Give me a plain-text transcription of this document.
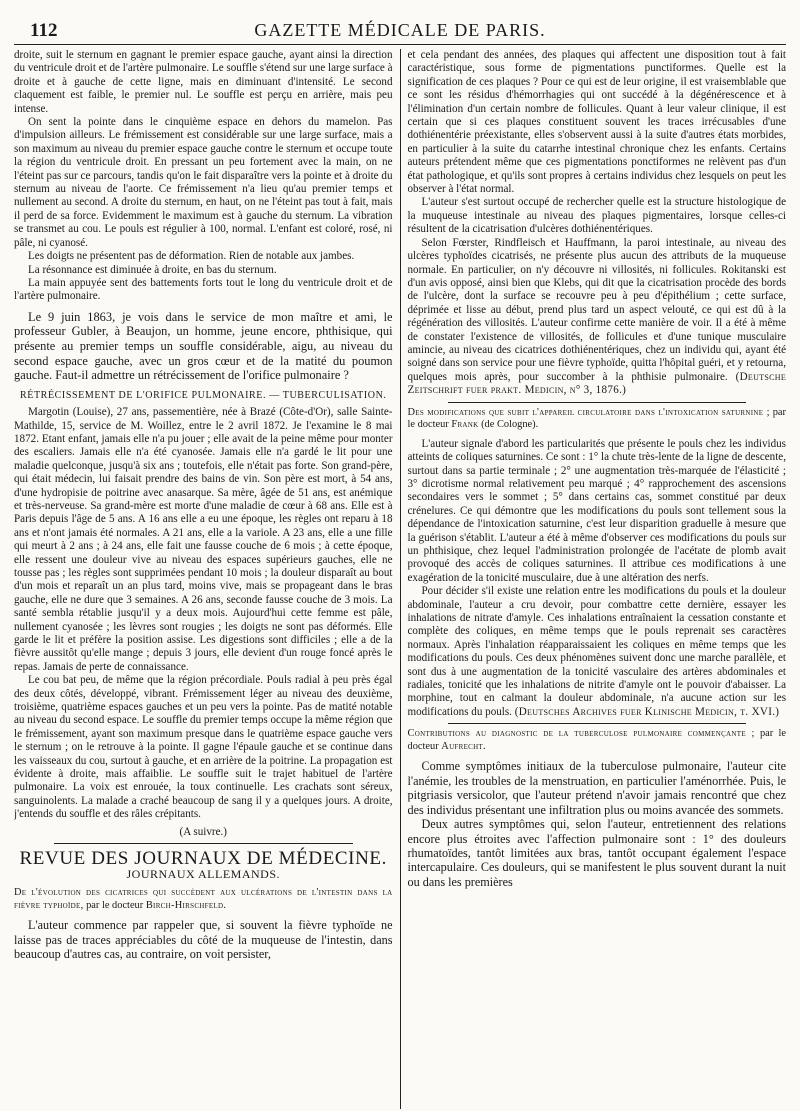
112	GAZETTE MÉDICALE DE PARIS.

droite, suit le sternum en gagnant le premier espace gauche, ayant ainsi la direction du ventricule droit et de l'artère pulmonaire. Le souffle s'étend sur une large surface à droite et à gauche de cette ligne, mais en diminuant d'intensité. Le second claquement est faible, le premier nul. Le souffle est perçu en arrière, mais peu intense.

On sent la pointe dans le cinquième espace en dehors du mamelon. Pas d'impulsion ailleurs. Le frémissement est considérable sur une large surface, mais a son maximum au niveau du premier espace gauche contre le sternum et occupe toute la région du ventricule droit. En pressant un peu fortement avec la main, on ne l'éteint pas sur ce parcours, tandis qu'on le fait disparaître vers la pointe et à droite du sternum au niveau de l'aorte. Ce frémissement n'a lieu qu'au premier temps et nullement au second. A droite du sternum, en haut, on ne l'éteint pas tout à fait, mais il perd de sa force. Evidemment le maximum est à gauche du sternum. La vibration se transmet au cou. Le pouls est régulier à 100, normal. L'enfant est coloré, rosé, ni pâle, ni cyanosé.

Les doigts ne présentent pas de déformation. Rien de notable aux jambes.

La résonnance est diminuée à droite, en bas du sternum.

La main appuyée sent des battements forts tout le long du ventricule droit et de l'artère pulmonaire.

Le 9 juin 1863, je vois dans le service de mon maître et ami, le professeur Gubler, à Beaujon, un homme, jeune encore, phthisique, qui présente au premier temps un souffle considérable, aigu, au niveau du second espace gauche, avec un gros cœur et de la matité du poumon gauche. Faut-il admettre un rétrécissement de l'orifice pulmonaire ?

RÉTRÉCISSEMENT DE L'ORIFICE PULMONAIRE. — TUBERCULISATION.

Margotin (Louise), 27 ans, passementière, née à Brazé (Côte-d'Or), salle Sainte-Mathilde, 15, service de M. Woillez, entre le 2 avril 1872. Je l'examine le 8 mai 1872. Etant enfant, jamais elle n'a pu jouer ; elle avait de la peine même pour monter des escaliers. Jamais elle n'a été cyanosée. Jamais elle n'a gardé le lit pour une maladie quelconque, jusqu'à six ans ; toutefois, elle n'était pas forte. Son grand-père, qui était médecin, lui faisait prendre des bains de vin. Son père est mort, à 54 ans, d'une hydropisie de poitrine avec anasarque. Sa mère, âgée de 51 ans, est anémique et très-nerveuse. Sa grand-mère est morte d'une maladie de cœur à 68 ans. Elle est à Paris depuis l'âge de 5 ans. A 16 ans elle a eu une époque, les règles ont reparu à 18 ans et n'ont jamais été normales. A 21 ans, elle a la variole. A 23 ans, elle a une fille qui meurt à 2 ans ; à 24 ans, elle fait une fausse couche de 6 mois ; à cette époque, elle ressent une douleur vive au niveau des espaces supérieurs gauches, elle ne tousse pas ; les règles sont supprimées pendant 10 mois ; la douleur disparaît au bout d'un mois et reparaît un an plus tard, moins vive, mais se propageant dans le bras gauche, elle ne dure que 3 semaines. A 26 ans, seconde fausse couche de 3 mois. La santé sembla rétablie jusqu'il y a deux mois. Aujourd'hui cette femme est pâle, nullement cyanosée ; les lèvres sont rougies ; les doigts ne sont pas déformés. Elle garde le lit et préfère la position assise. Les digestions sont difficiles ; elle a de la fièvre aussitôt qu'elle mange ; depuis 3 jours, elle devient d'un rouge foncé après le repas. Jamais de perte de connaissance.

Le cou bat peu, de même que la région précordiale. Pouls radial à peu près égal des deux côtés, développé, vibrant. Frémissement léger au niveau des deuxième, troisième, quatrième espaces gauches et un peu vers la pointe. Pas de matité notable au niveau du second espace. Le souffle du premier temps occupe la même région que le frémissement, ayant son maximum presque dans le quatrième espace gauche vers le sternum ; on le retrouve à la pointe. Il gagne l'épaule gauche et se continue dans les vaisseaux du cou, surtout à gauche, et en arrière de la poitrine. La propagation est évidente à droite, mais affaiblie. Le souffle suit le trajet habituel de l'artère pulmonaire. La voix est enrouée, la toux continuelle. Les crachats sont séreux, sanguinolents. La malade a craché beaucoup de sang il y a quelques jours. A droite, j'entends du souffle et des râles crépitants.

(A suivre.)
REVUE DES JOURNAUX DE MÉDECINE.
JOURNAUX ALLEMANDS.

De l'évolution des cicatrices qui succèdent aux ulcérations de l'intestin dans la fièvre typhoïde, par le docteur Birch-Hirschfeld.

L'auteur commence par rappeler que, si souvent la fièvre typhoïde ne laisse pas de traces appréciables du côté de la muqueuse de l'intestin, dans beaucoup d'autres cas, au contraire, on voit persister,

et cela pendant des années, des plaques qui affectent une disposition tout à fait caractéristique, sous forme de pigmentations punctiformes. Quelle est la signification de ces plaques ? Pour ce qui est de leur origine, il est vraisemblable que ce sont les résidus d'hémorrhagies qui ont succédé à la dégénérescence et à l'élimination d'un certain nombre de follicules. Quant à leur valeur clinique, il est certain que si ces plaques constituent souvent les traces irrécusables d'une dothiénentérie préexistante, elles s'observent aussi à la suite d'autres états morbides, en particulier à la suite du catarrhe intestinal chronique chez les enfants. Certains auteurs prétendent même que ces pigmentations ponctiformes ne relèvent pas d'un état pathologique, et qu'ils sont propres à certains individus chez lesquels on peut les observer à l'état normal.

L'auteur s'est surtout occupé de rechercher quelle est la structure histologique de la muqueuse intestinale au niveau des plaques pigmentaires, lorsque celles-ci résultent de la cicatrisation d'ulcères dothiénentériques.

Selon Fœrster, Rindfleisch et Hauffmann, la paroi intestinale, au niveau des ulcères typhoïdes cicatrisés, ne présente plus aucun des attributs de la muqueuse normale. En particulier, on n'y découvre ni villosités, ni follicules. Rokitanski est d'un avis opposé, ainsi bien que Klebs, qui dit que la cicatrisation procède des bords de l'ulcère, dont la surface se recouvre peu à peu d'épithélium ; cette surface, déprimée et lisse au début, prend plus tard un aspect velouté, ce qui est dû à la régénération des villosités. L'auteur confirme cette manière de voir. Il a été à même de constater l'existence de villosités, de follicules et d'une tunique musculaire amincie, au niveau des cicatrices dothiénentériques, chez un individu qui, ayant été soigné dans son service pour une fièvre typhoïde, quitta l'hôpital guéri, et y retourna, quelques mois après, pour succomber à la phthisie pulmonaire. (Deutsche Zeitschrift fuer prakt. Medicin, n° 3, 1876.)

Des modifications que subit l'appareil circulatoire dans l'intoxication saturnine ; par le docteur Frank (de Cologne).

L'auteur signale d'abord les particularités que présente le pouls chez les individus atteints de coliques saturnines. Ce sont : 1° la chute très-lente de la ligne de descente, surtout dans sa partie terminale ; 2° une augmentation très-marquée de l'élasticité ; 3° dicrotisme normal relativement peu marqué ; 4° rapprochement des ascensions secondaires vers le sommet ; 5° dans certains cas, sommet constitué par deux crénelures. Ce qui démontre que les modifications du pouls sont tellement sous la dépendance de l'intoxication saturnine, c'est leur disparition graduelle à mesure que la guérison s'établit. L'auteur a été à même d'observer ces modifications du pouls sur un phthisique, chez lequel l'administration prolongée de l'acétate de plomb avait provoqué des accès de coliques saturnines. Il attribue ces modifications à une exagération de la tonicité musculaire, due à une altération des nerfs.

Pour décider s'il existe une relation entre les modifications du pouls et la douleur abdominale, l'auteur a cru devoir, pour combattre cette dernière, essayer les inhalations de nitrate d'amyle. Ces inhalations entraînaient la cessation constante et complète des coliques, en même temps que le pouls reprenait ses caractères normaux. Après l'inhalation réapparaissaient les coliques en même temps que les modifications du pouls. Ces deux phénomènes suivent donc une marche parallèle, et sont dus à une augmentation de la tonicité vasculaire des artères abdominales et radiales, tonicité que les inhalations de nitrite d'amyle ont le pouvoir d'abaisser. La morphine, tout en calmant la douleur abdominale, n'a aucune action sur les modifications du pouls. (Deutsches Archives fuer Klinische Medicin, t. XVI.)

Contributions au diagnostic de la tuberculose pulmonaire commençante ; par le docteur Aufrecht.

Comme symptômes initiaux de la tuberculose pulmonaire, l'auteur cite l'anémie, les troubles de la menstruation, en particulier l'aménorrhée. Puis, le pitgriasis versicolor, que l'auteur prétend n'avoir jamais rencontré que chez des individus présentant une infiltration plus ou moins avancée des sommets.

Deux autres symptômes qui, selon l'auteur, entretiennent des relations encore plus étroites avec l'affection pulmonaire sont : 1° des douleurs rhumatoïdes, tantôt limitées aux bras, tantôt occupant également l'espace intercapulaire. Ces douleurs, qui se manifestent le plus souvent durant la nuit ou dans les premières
